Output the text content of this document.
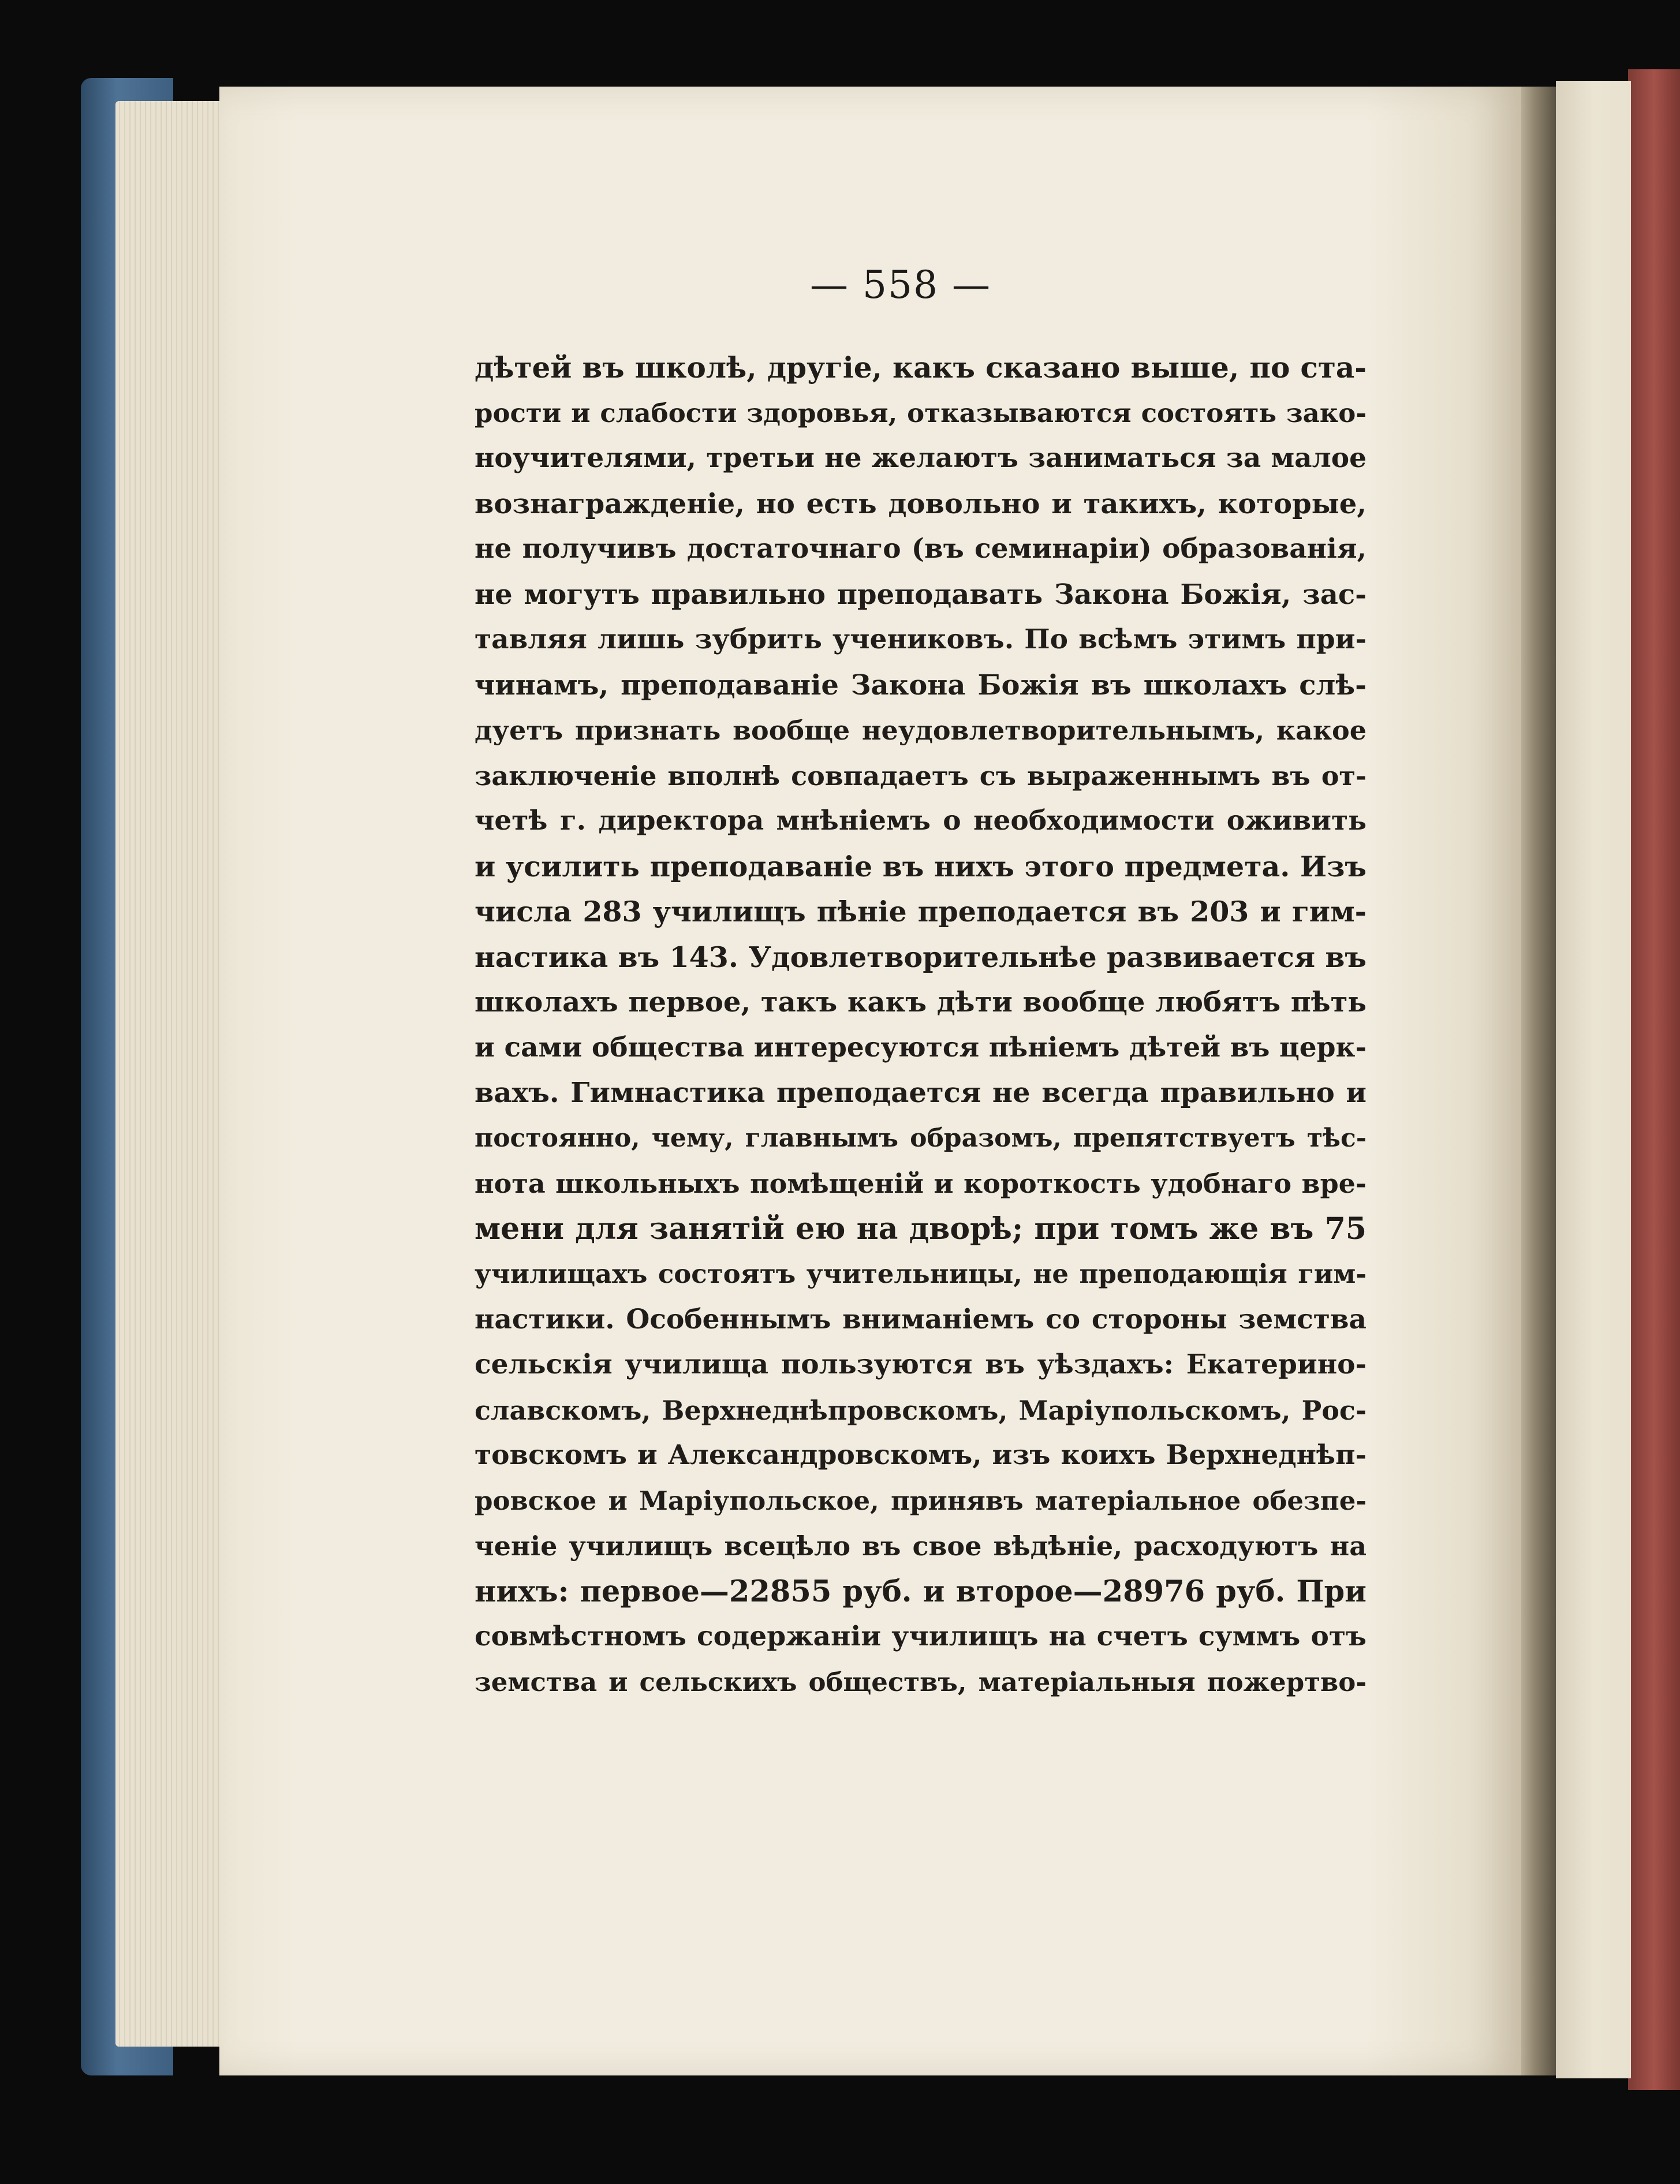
— 558 —
дѣтей въ школѣ, другіе, какъ сказано выше, по ста-
рости и слабости здоровья, отказываются состоять зако-
ноучителями, третьи не желаютъ заниматься за малое
вознагражденіе, но есть довольно и такихъ, которые,
не получивъ достаточнаго (въ семинаріи) образованія,
не могутъ правильно преподавать Закона Божія, зас-
тавляя лишь зубрить учениковъ. По всѣмъ этимъ при-
чинамъ, преподаваніе Закона Божія въ школахъ слѣ-
дуетъ признать вообще неудовлетворительнымъ, какое
заключеніе вполнѣ совпадаетъ съ выраженнымъ въ от-
четѣ г. директора мнѣніемъ о необходимости оживить
и усилить преподаваніе въ нихъ этого предмета. Изъ
числа 283 училищъ пѣніе преподается въ 203 и гим-
настика въ 143. Удовлетворительнѣе развивается въ
школахъ первое, такъ какъ дѣти вообще любятъ пѣть
и сами общества интересуются пѣніемъ дѣтей въ церк-
вахъ. Гимнастика преподается не всегда правильно и
постоянно, чему, главнымъ образомъ, препятствуетъ тѣс-
нота школьныхъ помѣщеній и короткость удобнаго вре-
мени для занятій ею на дворѣ; при томъ же въ 75
училищахъ состоятъ учительницы, не преподающія гим-
настики. Особеннымъ вниманіемъ со стороны земства
сельскія училища пользуются въ уѣздахъ: Екатерино-
славскомъ, Верхнеднѣпровскомъ, Маріупольскомъ, Рос-
товскомъ и Александровскомъ, изъ коихъ Верхнеднѣп-
ровское и Маріупольское, принявъ матеріальное обезпе-
ченіе училищъ всецѣло въ свое вѣдѣніе, расходуютъ на
нихъ: первое—22855 руб. и второе—28976 руб. При
совмѣстномъ содержаніи училищъ на счетъ суммъ отъ
земства и сельскихъ обществъ, матеріальныя пожертво-
